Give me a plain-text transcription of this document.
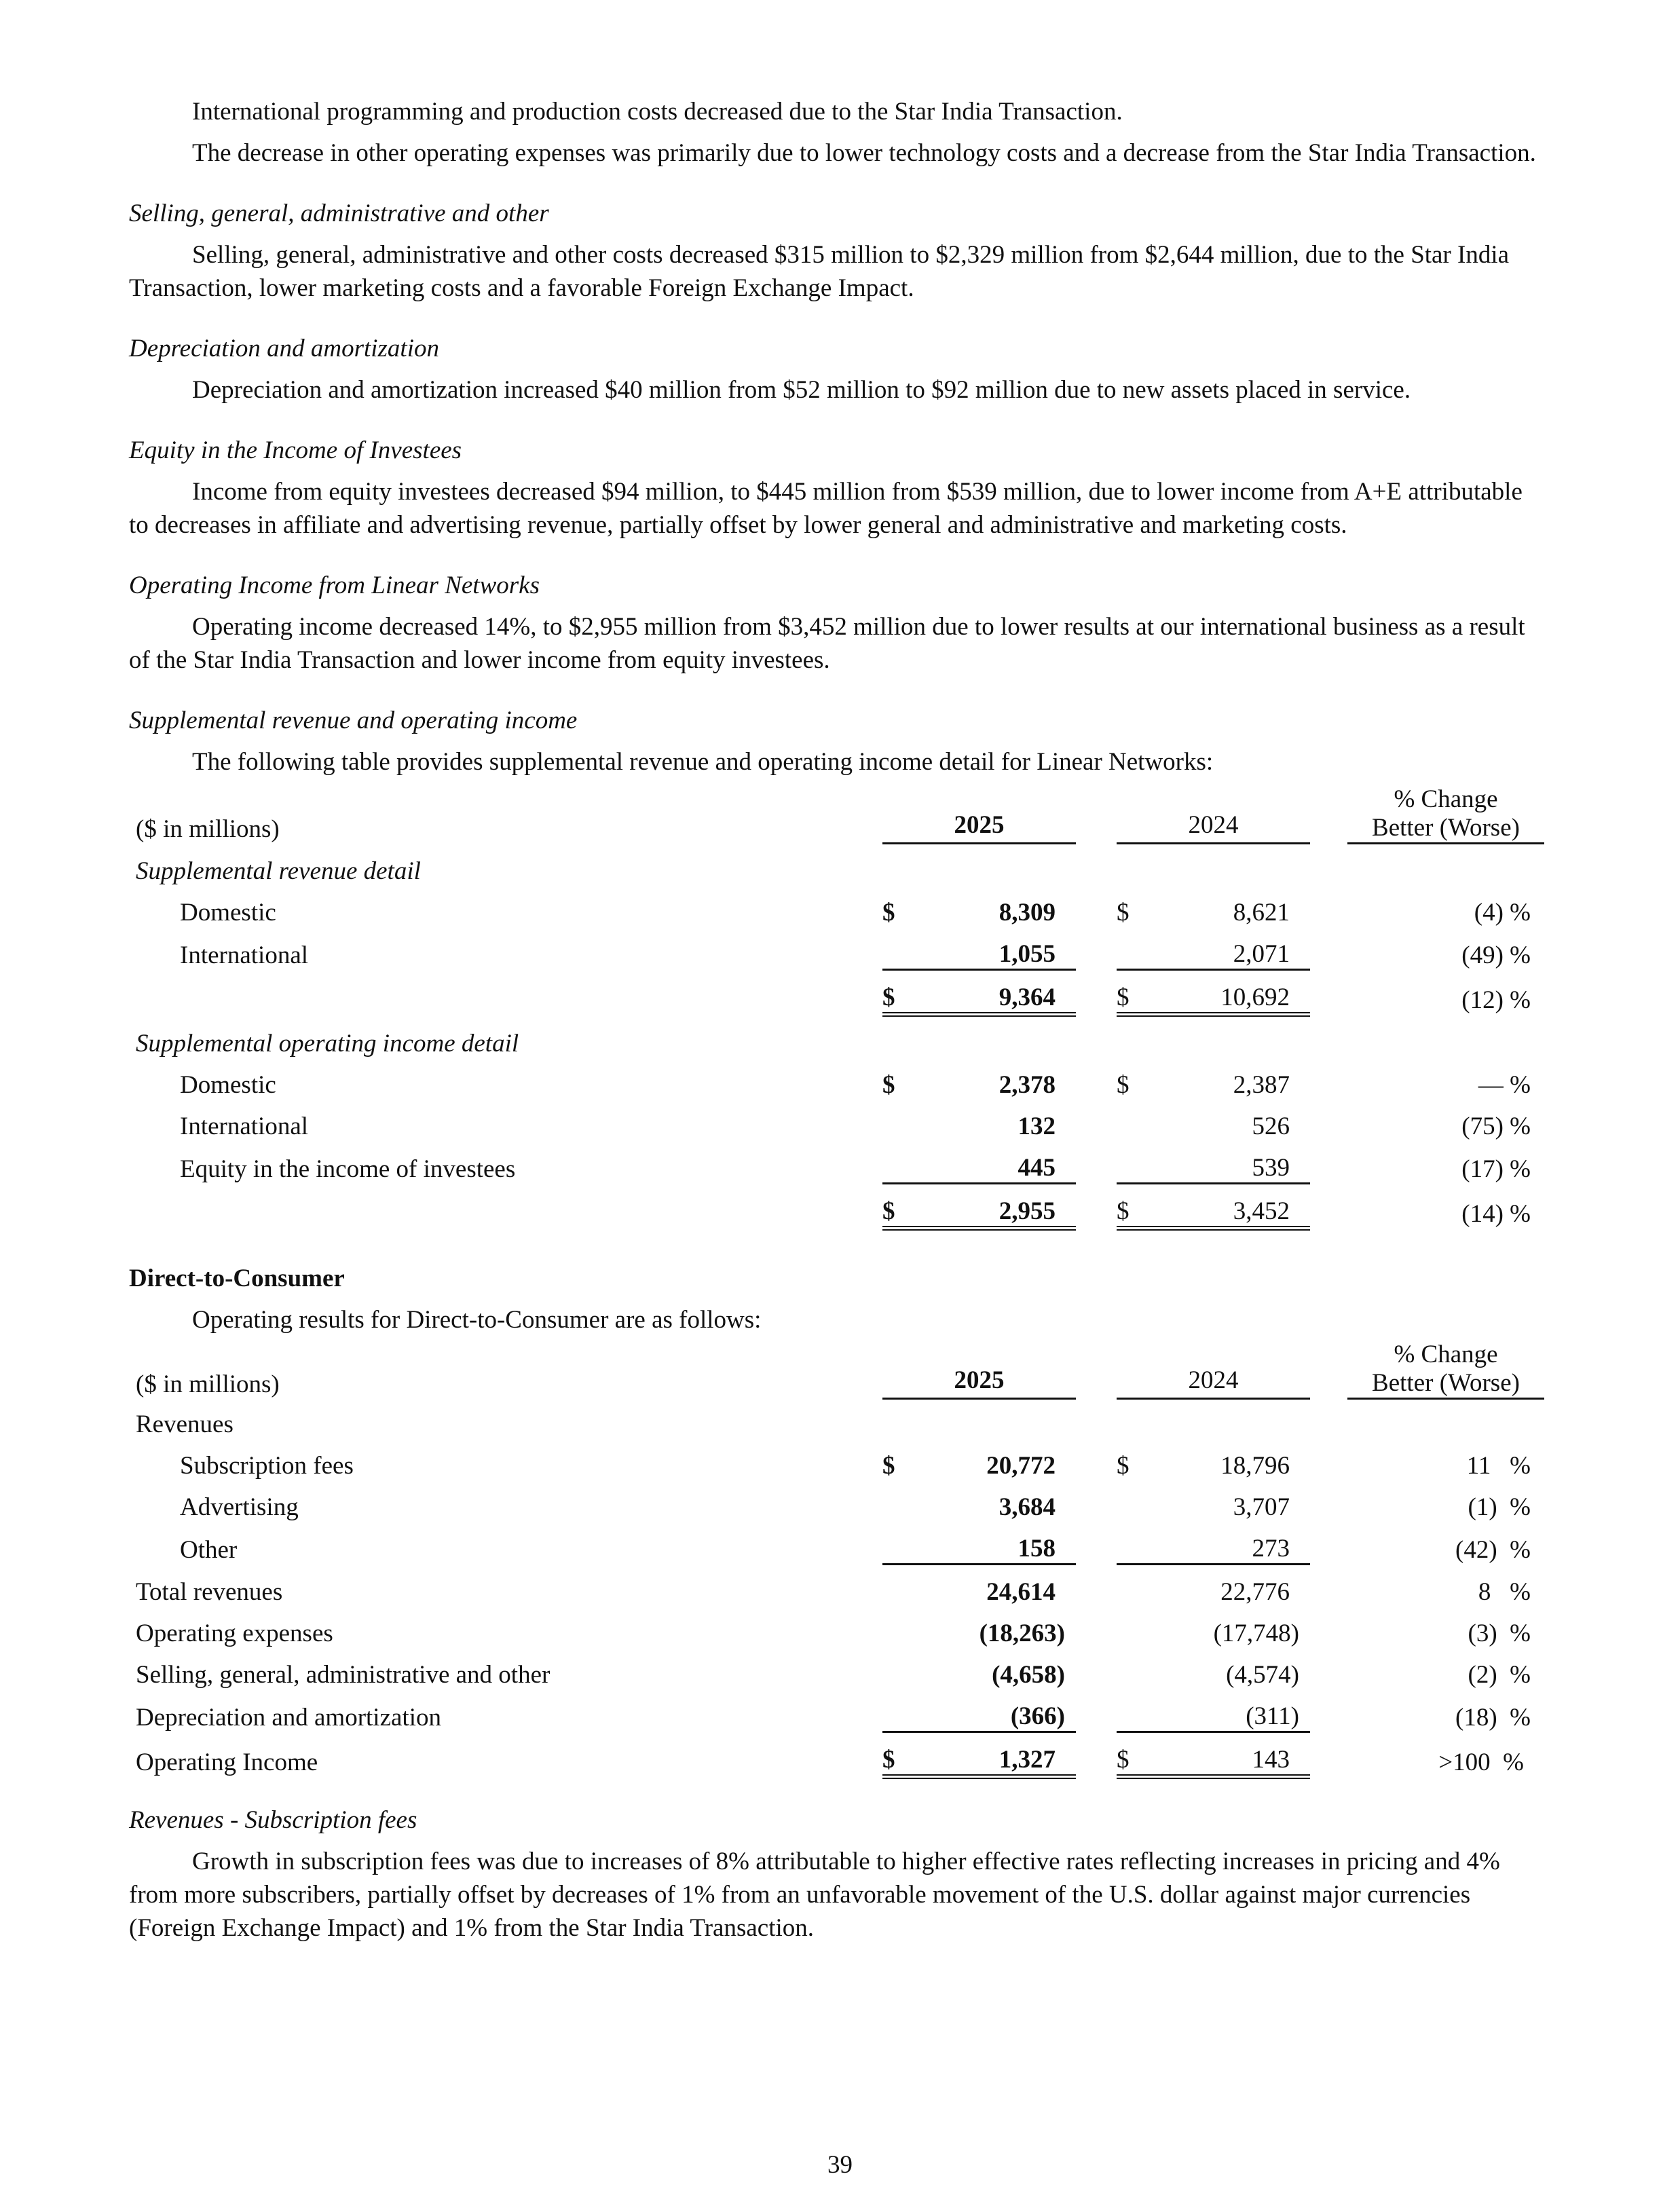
International programming and production costs decreased due to the Star India Transaction.

The decrease in other operating expenses was primarily due to lower technology costs and a decrease from the Star India Transaction.

Selling, general, administrative and other

Selling, general, administrative and other costs decreased $315 million to $2,329 million from $2,644 million, due to the Star India Transaction, lower marketing costs and a favorable Foreign Exchange Impact.

Depreciation and amortization

Depreciation and amortization increased $40 million from $52 million to $92 million due to new assets placed in service.

Equity in the Income of Investees

Income from equity investees decreased $94 million, to $445 million from $539 million, due to lower income from A+E attributable to decreases in affiliate and advertising revenue, partially offset by lower general and administrative and marketing costs.

Operating Income from Linear Networks

Operating income decreased 14%, to $2,955 million from $3,452 million due to lower results at our international business as a result of the Star India Transaction and lower income from equity investees.

Supplemental revenue and operating income

The following table provides supplemental revenue and operating income detail for Linear Networks:

($ in millions)	2025			2024			% Change
Better (Worse)
Supplemental revenue detail							
Domestic	$	8,309		$	8,621		(4) %
International		1,055			2,071		(49) %
	$	9,364		$	10,692		(12) %
Supplemental operating income detail							
Domestic	$	2,378		$	2,387		— %
International		132			526		(75) %
Equity in the income of investees		445			539		(17) %
	$	2,955		$	3,452		(14) %

Direct-to-Consumer

Operating results for Direct-to-Consumer are as follows:

($ in millions)	2025			2024			% Change
Better (Worse)
Revenues							
Subscription fees	$	20,772		$	18,796		11   %
Advertising		3,684			3,707		(1)  %
Other		158			273		(42)  %
Total revenues		24,614			22,776		8   %
Operating expenses		(18,263)			(17,748)		(3)  %
Selling, general, administrative and other		(4,658)			(4,574)		(2)  %
Depreciation and amortization		(366)			(311)		(18)  %
Operating Income	$	1,327		$	143		>100  %

Revenues - Subscription fees

Growth in subscription fees was due to increases of 8% attributable to higher effective rates reflecting increases in pricing and 4% from more subscribers, partially offset by decreases of 1% from an unfavorable movement of the U.S. dollar against major currencies (Foreign Exchange Impact) and 1% from the Star India Transaction.

39
